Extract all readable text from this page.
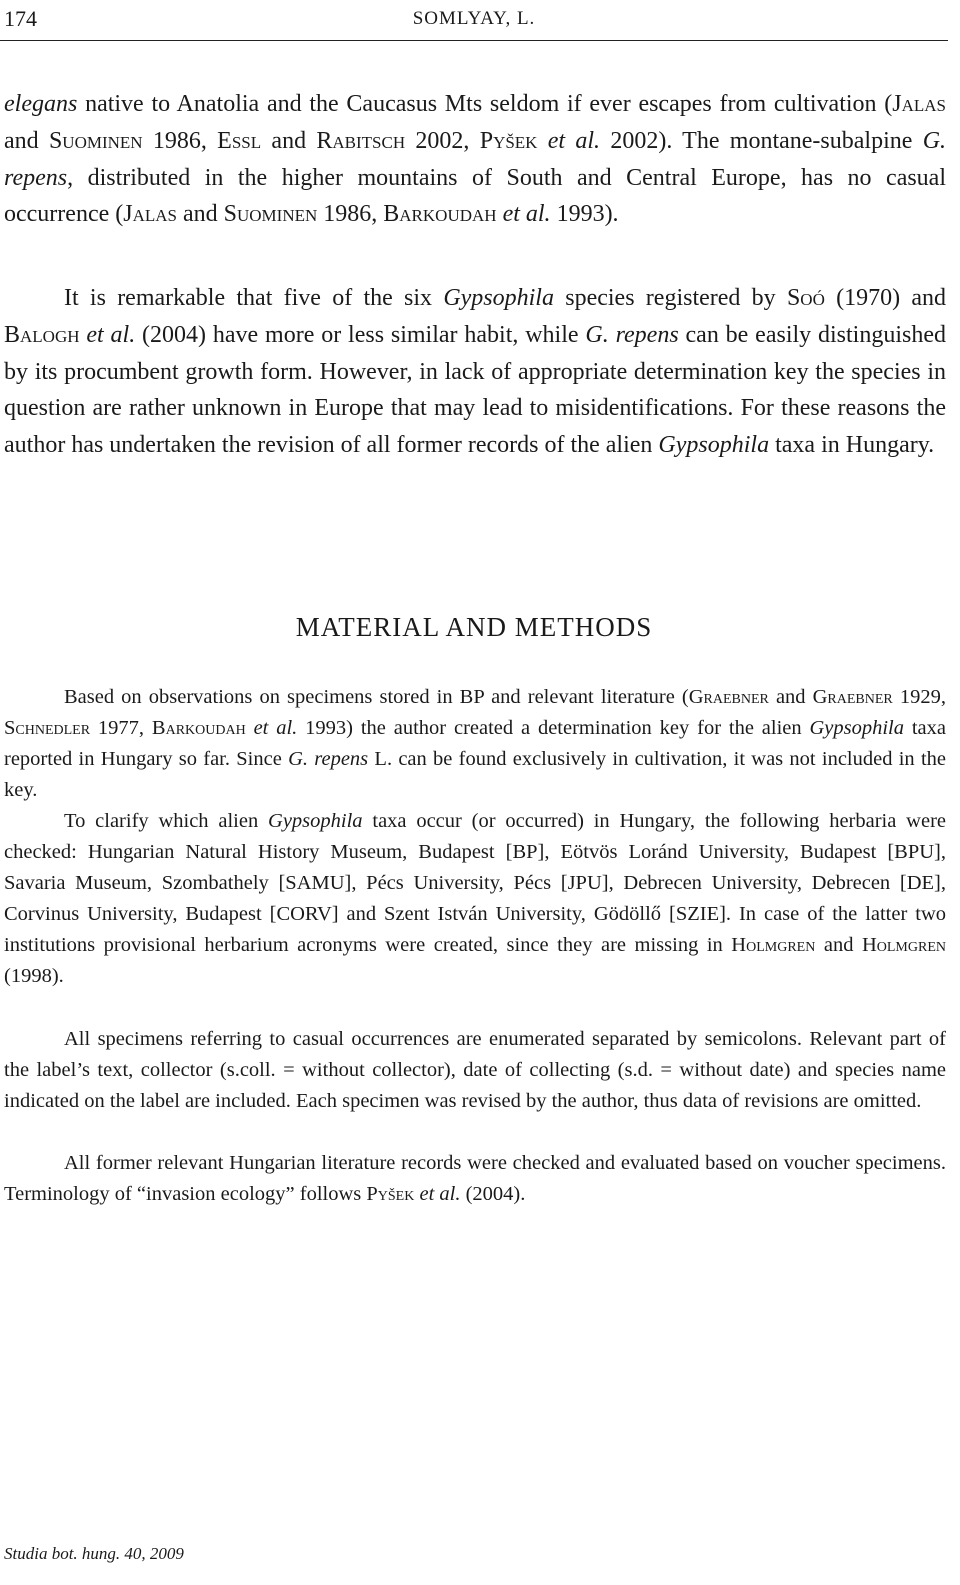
174	SOMLYAY, L.

elegans native to Anatolia and the Caucasus Mts seldom if ever escapes from cultivation (Jalas and Suominen 1986, Essl and Rabitsch 2002, Pyšek et al. 2002). The montane-subalpine G. repens, distributed in the higher mountains of South and Central Europe, has no casual occurrence (Jalas and Suominen 1986, Barkoudah et al. 1993).

It is remarkable that five of the six Gypsophila species registered by Soó (1970) and Balogh et al. (2004) have more or less similar habit, while G. repens can be easily distinguished by its procumbent growth form. However, in lack of appropriate determination key the species in question are rather unknown in Europe that may lead to misidentifications. For these reasons the author has undertaken the revision of all former records of the alien Gypsophila taxa in Hungary.

MATERIAL AND METHODS

Based on observations on specimens stored in BP and relevant literature (Graebner and Graebner 1929, Schnedler 1977, Barkoudah et al. 1993) the author created a determination key for the alien Gypsophila taxa reported in Hungary so far. Since G. repens L. can be found exclusively in cultivation, it was not included in the key.

To clarify which alien Gypsophila taxa occur (or occurred) in Hungary, the following herbaria were checked: Hungarian Natural History Museum, Budapest [BP], Eötvös Loránd University, Budapest [BPU], Savaria Museum, Szombathely [SAMU], Pécs University, Pécs [JPU], Debrecen University, Debrecen [DE], Corvinus University, Budapest [CORV] and Szent István University, Gödöllő [SZIE]. In case of the latter two institutions provisional herbarium acronyms were created, since they are missing in Holmgren and Holmgren (1998).

All specimens referring to casual occurrences are enumerated separated by semicolons. Relevant part of the label’s text, collector (s.coll. = without collector), date of collecting (s.d. = without date) and species name indicated on the label are included. Each specimen was revised by the author, thus data of revisions are omitted.

All former relevant Hungarian literature records were checked and evaluated based on voucher specimens. Terminology of “invasion ecology” follows Pyšek et al. (2004).

Studia bot. hung. 40, 2009
